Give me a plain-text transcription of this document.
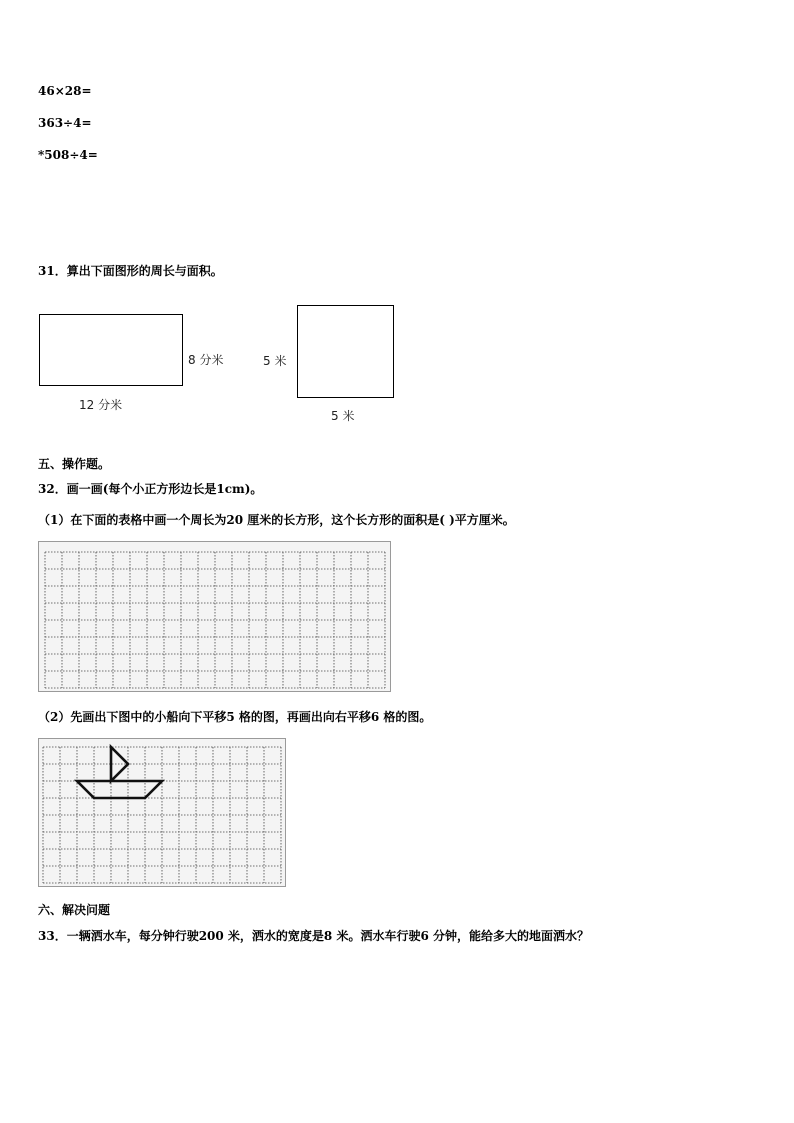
46×28=
363÷4=
*508÷4=
31．算出下面图形的周长与面积。
8 分米
12 分米
5 米
5 米
五、操作题。
32．画一画(每个小正方形边长是1cm)。
（1）在下面的表格中画一个周长为20 厘米的长方形，这个长方形的面积是( )平方厘米。
（2）先画出下图中的小船向下平移5 格的图，再画出向右平移6 格的图。
六、解决问题
33．一辆洒水车，每分钟行驶200 米，洒水的宽度是8 米。洒水车行驶6 分钟，能给多大的地面洒水？
